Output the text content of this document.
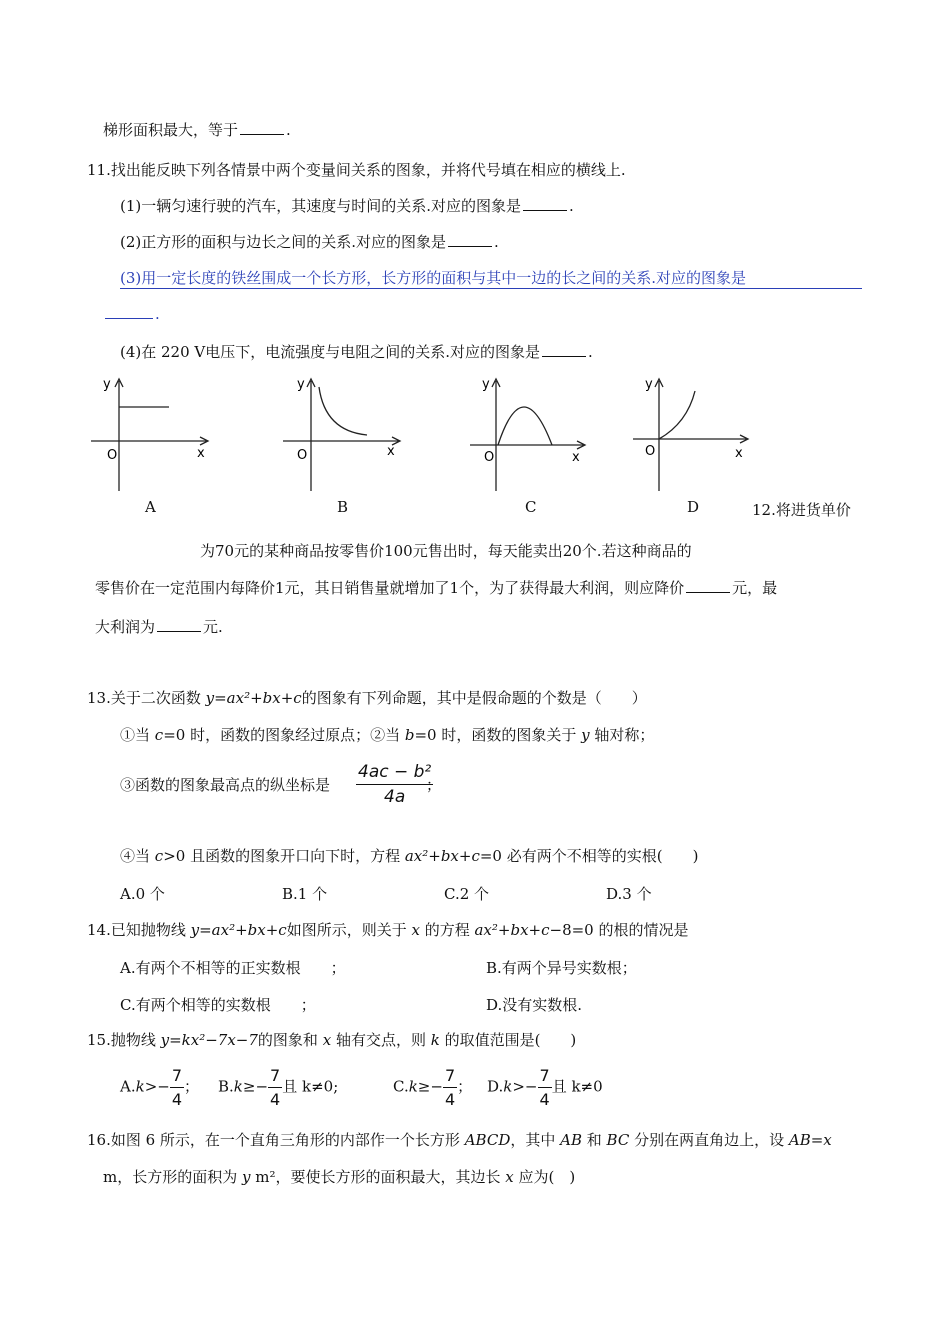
梯形面积最大，等于	.
11.找出能反映下列各情景中两个变量间关系的图象，并将代号填在相应的横线上.
(1)一辆匀速行驶的汽车，其速度与时间的关系.对应的图象是	.
(2)正方形的面积与边长之间的关系.对应的图象是	.
(3)用一定长度的铁丝围成一个长方形，长方形的面积与其中一边的长之间的关系.对应的图象是
.
(4)在 220 V电压下，电流强度与电阻之间的关系.对应的图象是	.
y
O	x
A
y
O	x
B
y
O	x
C
y
O	x
D	12.将进货单价
为70元的某种商品按零售价100元售出时，每天能卖出20个.若这种商品的
零售价在一定范围内每降价1元，其日销售量就增加了1个，为了获得最大利润，则应降价	元，最
大利润为	元.
13.关于二次函数 y=ax²+bx+c的图象有下列命题，其中是假命题的个数是（　　）
①当 c=0 时，函数的图象经过原点；②当 b=0 时，函数的图象关于 y 轴对称；
③函数的图象最高点的纵坐标是 $\frac{\text{4ac − b²}}{4a}$
；
④当 c>0 且函数的图象开口向下时，方程 ax²+bx+c=0 必有两个不相等的实根(　　)
A.0 个	B.1 个	C.2 个	D.3 个
14.已知抛物线 y=ax²+bx+c如图所示，则关于 x 的方程 ax²+bx+c−8=0 的根的情况是
A.有两个不相等的正实数根　　；	B.有两个异号实数根；
C.有两个相等的实数根　　；	D.没有实数根.
15.抛物线 y=kx²−7x−7的图象和 x 轴有交点，则 k 的取值范围是(　　)
$A.k>- \frac{7}{4}$ ； $B.k\ge- \frac{7}{4}$ 且 k≠0;	$C.k\ge- \frac{7}{4}$ ； $D.k>- \frac{7}{4}$ 且 k≠0
16.如图 6 所示，在一个直角三角形的内部作一个长方形 ABCD，其中 AB 和 BC 分别在两直角边上，设 AB=x
m，长方形的面积为 y m²，要使长方形的面积最大，其边长 x 应为(　)
